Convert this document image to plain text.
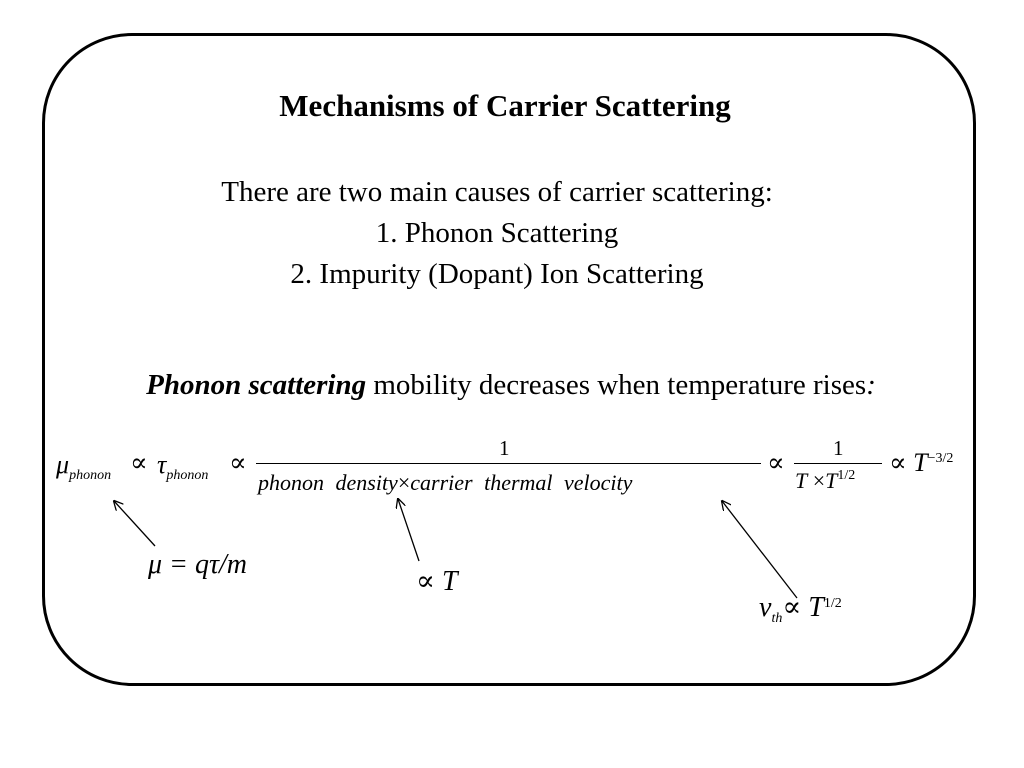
Mechanisms of Carrier Scattering
There are two main causes of carrier scattering:
1. Phonon Scattering
2. Impurity (Dopant) Ion Scattering
Phonon scattering mobility decreases when temperature rises:
$\mu_{phonon} \propto \tau_{phonon}$ ∝	1
phonon density×carrier thermal velocity
∝ 1
$T \times T^{1/2} \propto T^{-3/2}$
μ = qτ/m
∝ T
$v_{th}\propto T^{1/2}$
